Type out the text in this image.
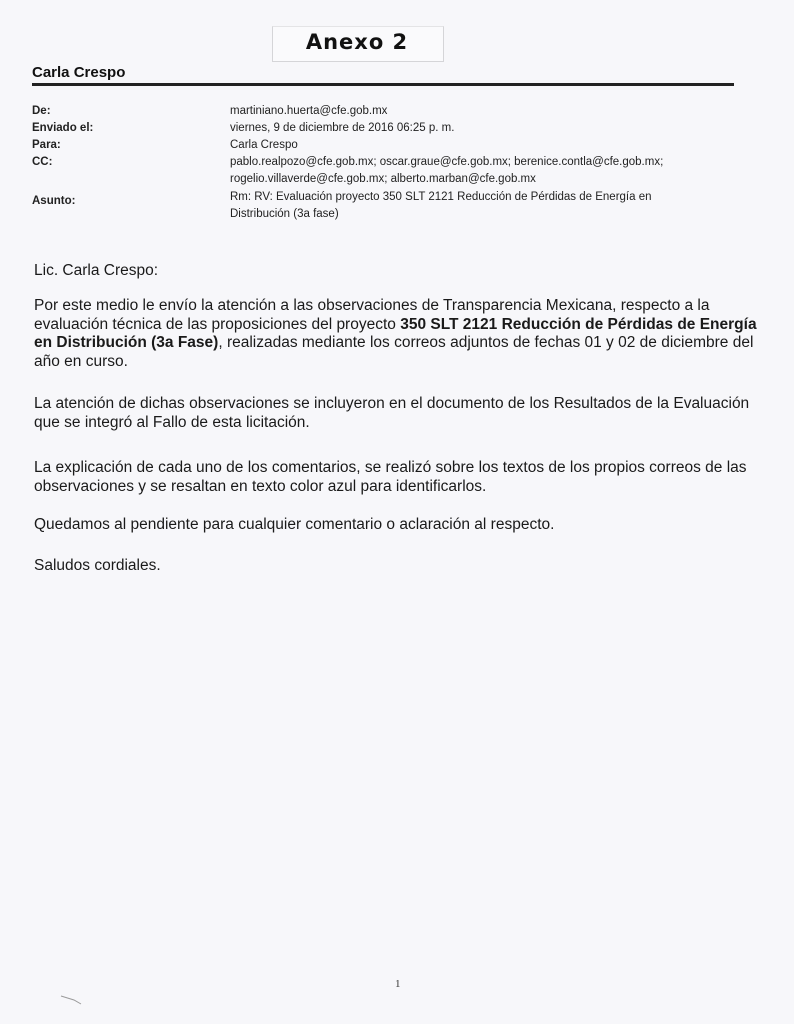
Anexo 2
Carla Crespo
De:	martiniano.huerta@cfe.gob.mx
Enviado el:	viernes, 9 de diciembre de 2016 06:25 p. m.
Para:	Carla Crespo
CC:	pablo.realpozo@cfe.gob.mx; oscar.graue@cfe.gob.mx; berenice.contla@cfe.gob.mx;
rogelio.villaverde@cfe.gob.mx; alberto.marban@cfe.gob.mx
Asunto:	Rm: RV: Evaluación proyecto 350 SLT 2121 Reducción de Pérdidas de Energía en
Distribución (3a fase)
Lic. Carla Crespo:
Por este medio le envío la atención a las observaciones de Transparencia Mexicana, respecto a la evaluación técnica de las proposiciones del proyecto 350 SLT 2121 Reducción de Pérdidas de Energía en Distribución (3a Fase), realizadas mediante los correos adjuntos de fechas 01 y 02 de diciembre del año en curso.
La atención de dichas observaciones se incluyeron en el documento de los Resultados de la Evaluación que se integró al Fallo de esta licitación.
La explicación de cada uno de los comentarios, se realizó sobre los textos de los propios correos de las observaciones y se resaltan en texto color azul para identificarlos.
Quedamos al pendiente para cualquier comentario o aclaración al respecto.
Saludos cordiales.
1
